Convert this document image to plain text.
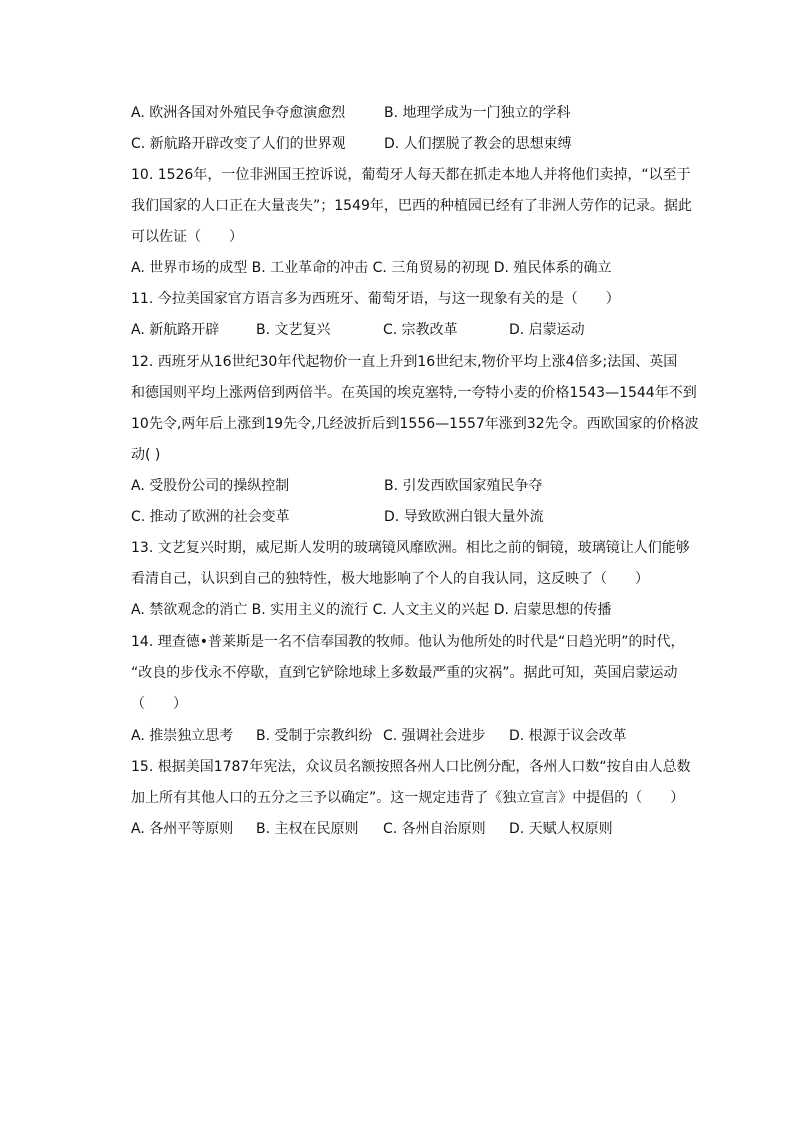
A. 欧洲各国对外殖民争夺愈演愈烈	B. 地理学成为一门独立的学科
C. 新航路开辟改变了人们的世界观	D. 人们摆脱了教会的思想束缚
10. 1526年，一位非洲国王控诉说，葡萄牙人每天都在抓走本地人并将他们卖掉，“以至于
我们国家的人口正在大量丧失”；1549年，巴西的种植园已经有了非洲人劳作的记录。据此
可以佐证（　　）
A. 世界市场的成型 B. 工业革命的冲击 C. 三角贸易的初现 D. 殖民体系的确立
11. 今拉美国家官方语言多为西班牙、葡萄牙语，与这一现象有关的是（　　）
A. 新航路开辟	B. 文艺复兴	C. 宗教改革	D. 启蒙运动
12. 西班牙从16世纪30年代起物价一直上升到16世纪末,物价平均上涨4倍多;法国、英国
和德国则平均上涨两倍到两倍半。在英国的埃克塞特,一夸特小麦的价格1543—1544年不到
10先令,两年后上涨到19先令,几经波折后到1556—1557年涨到32先令。西欧国家的价格波
动( )
A. 受股份公司的操纵控制	B. 引发西欧国家殖民争夺
C. 推动了欧洲的社会变革	D. 导致欧洲白银大量外流
13. 文艺复兴时期，威尼斯人发明的玻璃镜风靡欧洲。相比之前的铜镜，玻璃镜让人们能够
看清自己，认识到自己的独特性，极大地影响了个人的自我认同，这反映了（　　）
A. 禁欲观念的消亡 B. 实用主义的流行 C. 人文主义的兴起 D. 启蒙思想的传播
14. 理查德•普莱斯是一名不信奉国教的牧师。他认为他所处的时代是“日趋光明”的时代，
“改良的步伐永不停歇，直到它铲除地球上多数最严重的灾祸”。据此可知，英国启蒙运动
（　　）
A. 推崇独立思考 B. 受制于宗教纠纷 C. 强调社会进步 D. 根源于议会改革
15. 根据美国1787年宪法，众议员名额按照各州人口比例分配，各州人口数“按自由人总数
加上所有其他人口的五分之三予以确定”。这一规定违背了《独立宣言》中提倡的（　　）
A. 各州平等原则 B. 主权在民原则 C. 各州自治原则 D. 天赋人权原则
